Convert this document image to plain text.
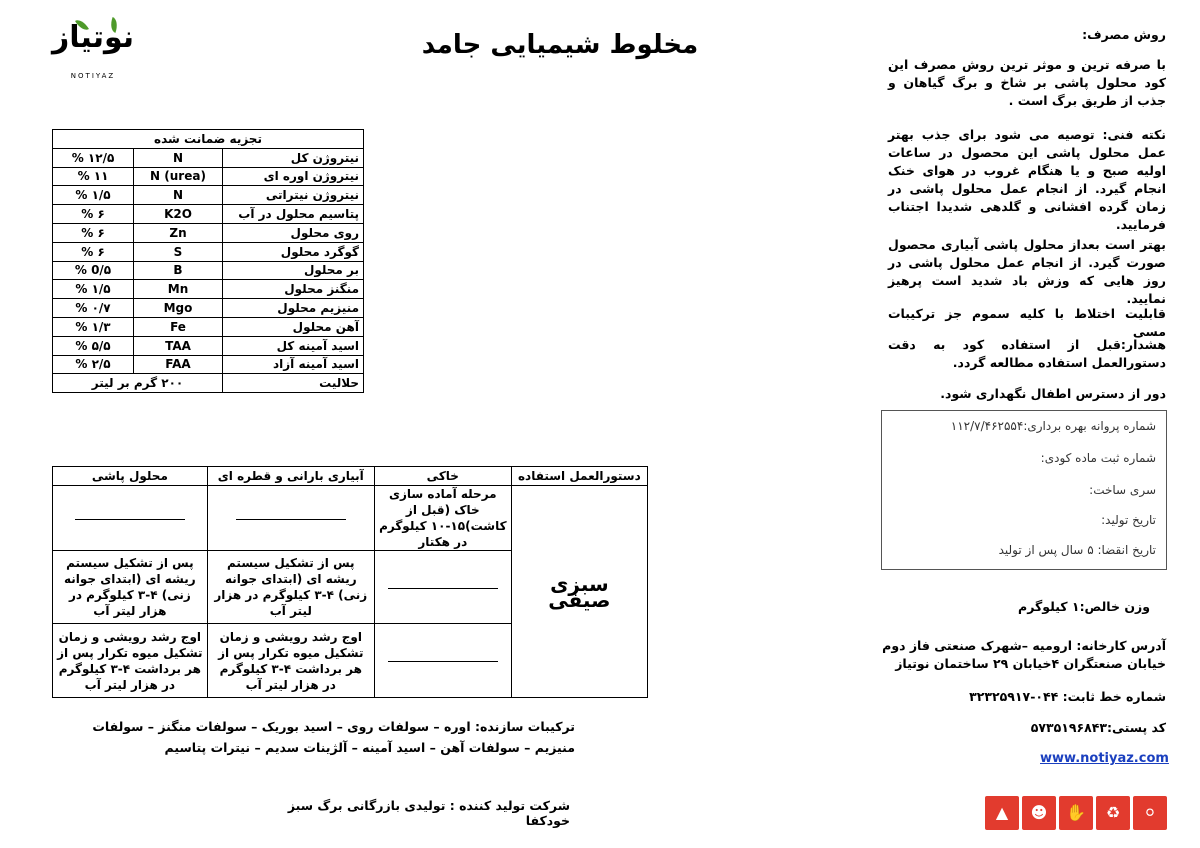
نوتیاز
NOTIYAZ
مخلوط شیمیایی جامد	روش مصرف:
با صرفه ترین و موثر ترین روش مصرف این کود محلول پاشی بر شاخ و برگ گیاهان و جذب از طریق برگ است .
نکته فنی: توصیه می شود برای جذب بهتر عمل محلول پاشی این محصول در ساعات اولیه صبح و یا هنگام غروب در هوای خنک انجام گیرد. از انجام عمل محلول پاشی در زمان گرده افشانی و گلدهی شدیدا اجتناب فرمایید.
بهتر است بعداز محلول پاشی آبیاری محصول صورت گیرد. از انجام عمل محلول پاشی در روز هایی که وزش باد شدید است پرهیز نمایید.
قابلیت اختلاط با کلیه سموم جز ترکیبات مسی
هشدار:قبل از استفاده کود به دقت دستورالعمل استفاده مطالعه گردد.
دور از دسترس اطفال نگهداری شود.
شماره پروانه بهره برداری:۱۱۲/۷/۴۶۲۵۵۴
شماره ثبت ماده کودی:
سری ساخت:
تاریخ تولید:
تاریخ انقضا: ۵ سال پس از تولید
وزن خالص:۱ کیلوگرم
آدرس کارخانه: ارومیه –شهرک صنعتی فاز دوم خیابان صنعتگران ۴خیابان ۲۹ ساختمان نوتیاز
شماره خط ثابت: ۰۴۴-۳۲۳۲۵۹۱۷
کد پستی:۵۷۳۵۱۹۶۸۴۳
www.notiyaz.com
تجزیه ضمانت شده		
نیتروژن کل	N	۱۲/۵ %
نیتروژن اوره ای	N (urea)	۱۱ %
نیتروژن نیتراتی	N	۱/۵ %
پتاسیم محلول در آب	K2O	۶ %
روی محلول	Zn	۶ %
گوگرد محلول	S	۶ %
بر محلول	B	0/۵ %
منگنز محلول	Mn	۱/۵ %
منیزیم محلول	Mgo	۰/۷ %
آهن محلول	Fe	۱/۳ %
اسید آمینه کل	TAA	۵/۵ %
اسید آمینه آزاد	FAA	۲/۵ %
حلالیت	۲۰۰ گرم بر لیتر	
دستورالعمل استفاده	خاکی	آبیاری بارانی و قطره ای	محلول پاشی
سبزی صیفی	مرحله آماده سازی خاک (قبل از کاشت)۱۵-۱۰ کیلوگرم در هکتار		
		پس از تشکیل سیستم ریشه ای (ابتدای جوانه زنی) ۴-۳ کیلوگرم در هزار لیتر آب	پس از تشکیل سیستم ریشه ای (ابتدای جوانه زنی) ۴-۳ کیلوگرم در هزار لیتر آب
		اوج رشد رویشی و زمان تشکیل میوه تکرار پس از هر برداشت ۴-۳ کیلوگرم در هزار لیتر آب	اوج رشد رویشی و زمان تشکیل میوه تکرار پس از هر برداشت ۴-۳ کیلوگرم در هزار لیتر آب
ترکیبات سازنده: اوره – سولفات روی – اسید بوریک – سولفات منگنز – سولفات منیزیم – سولفات آهن – اسید آمینه – آلژینات سدیم – نیترات پتاسیم
شرکت تولید کننده : تولیدی بازرگانی برگ سبز خودکفا	▲	☻	✋	♻	⚪
